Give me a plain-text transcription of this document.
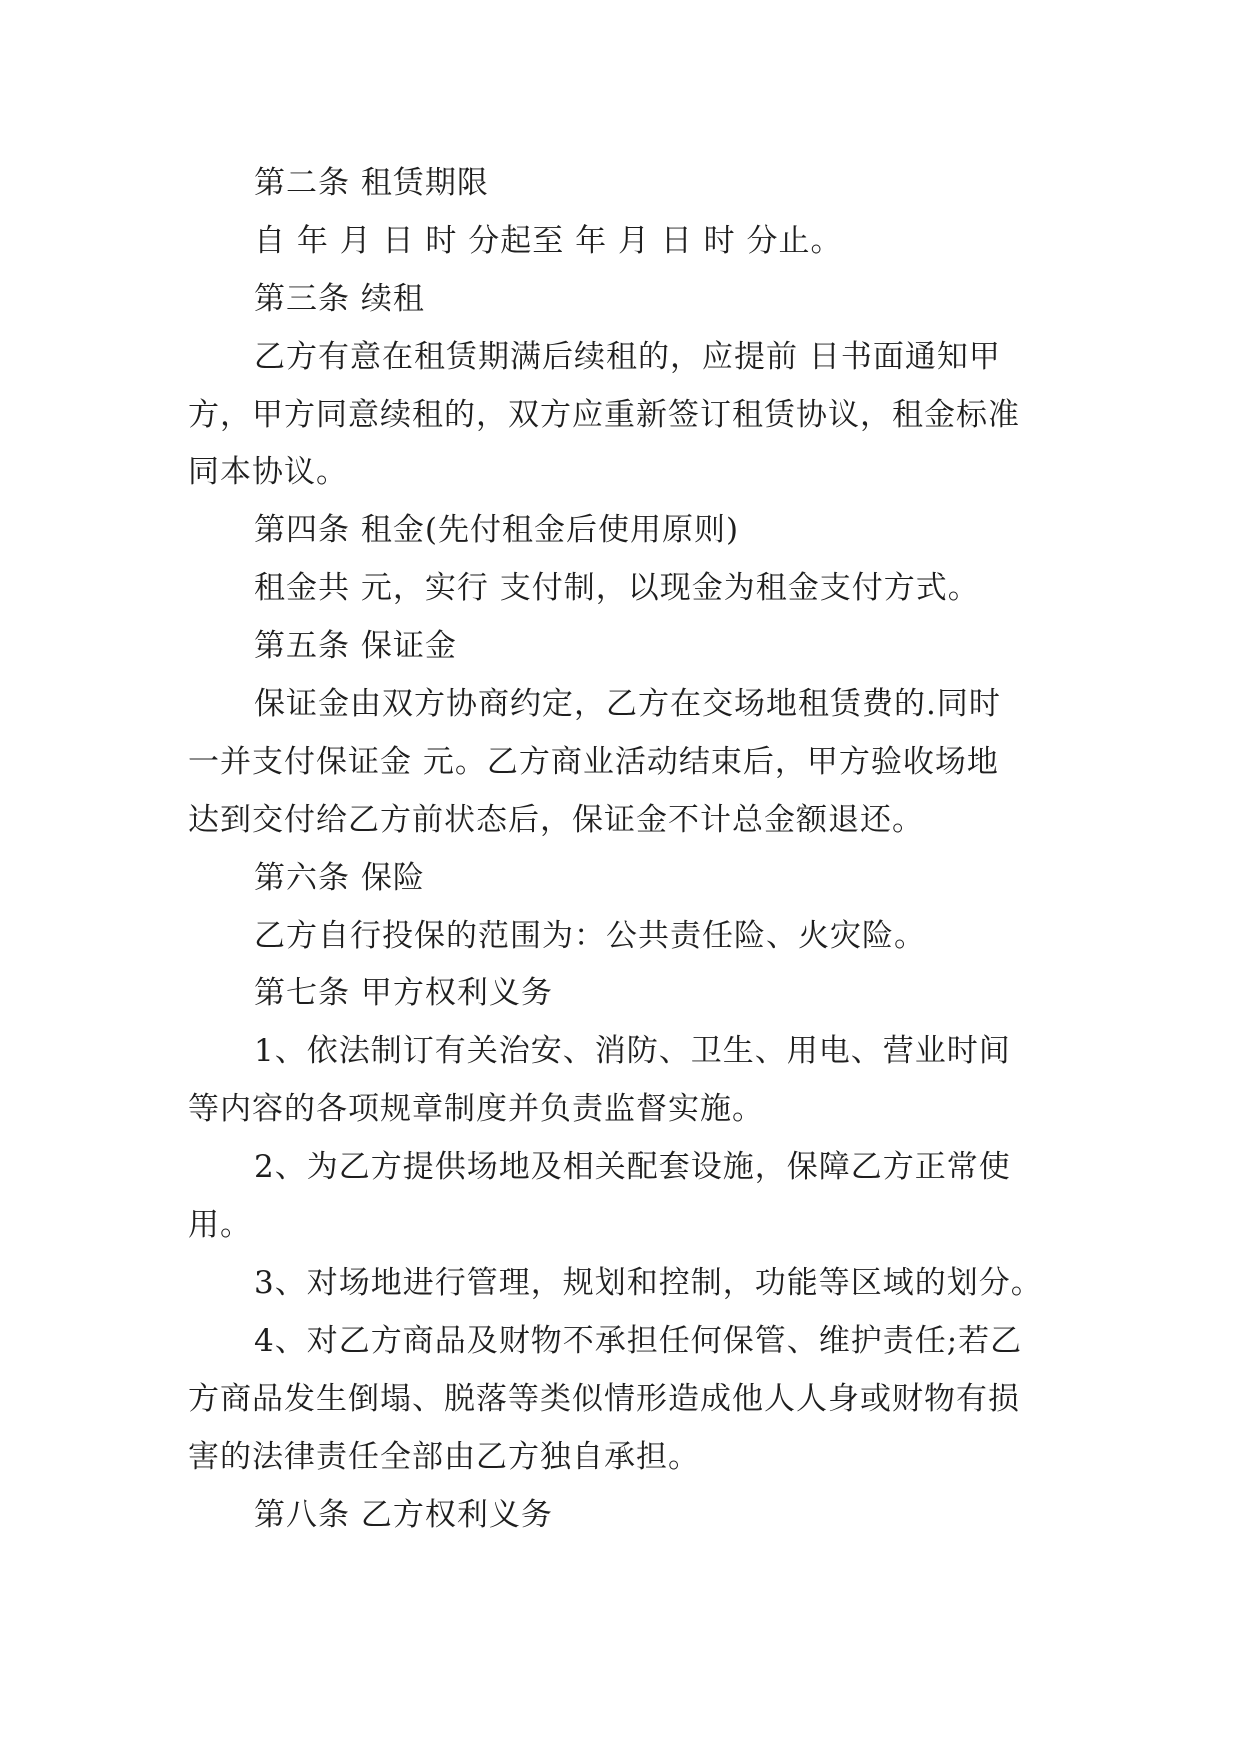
第二条 租赁期限
自 年 月 日 时 分起至 年 月 日 时 分止。
第三条 续租
乙方有意在租赁期满后续租的，应提前 日书面通知甲
方，甲方同意续租的，双方应重新签订租赁协议，租金标准
同本协议。
第四条 租金(先付租金后使用原则)
租金共 元，实行 支付制，以现金为租金支付方式。
第五条 保证金
保证金由双方协商约定，乙方在交场地租赁费的.同时
一并支付保证金 元。乙方商业活动结束后，甲方验收场地
达到交付给乙方前状态后，保证金不计总金额退还。
第六条 保险
乙方自行投保的范围为：公共责任险、火灾险。
第七条 甲方权利义务
1、依法制订有关治安、消防、卫生、用电、营业时间
等内容的各项规章制度并负责监督实施。
2、为乙方提供场地及相关配套设施，保障乙方正常使
用。
3、对场地进行管理，规划和控制，功能等区域的划分。
4、对乙方商品及财物不承担任何保管、维护责任;若乙
方商品发生倒塌、脱落等类似情形造成他人人身或财物有损
害的法律责任全部由乙方独自承担。
第八条 乙方权利义务
